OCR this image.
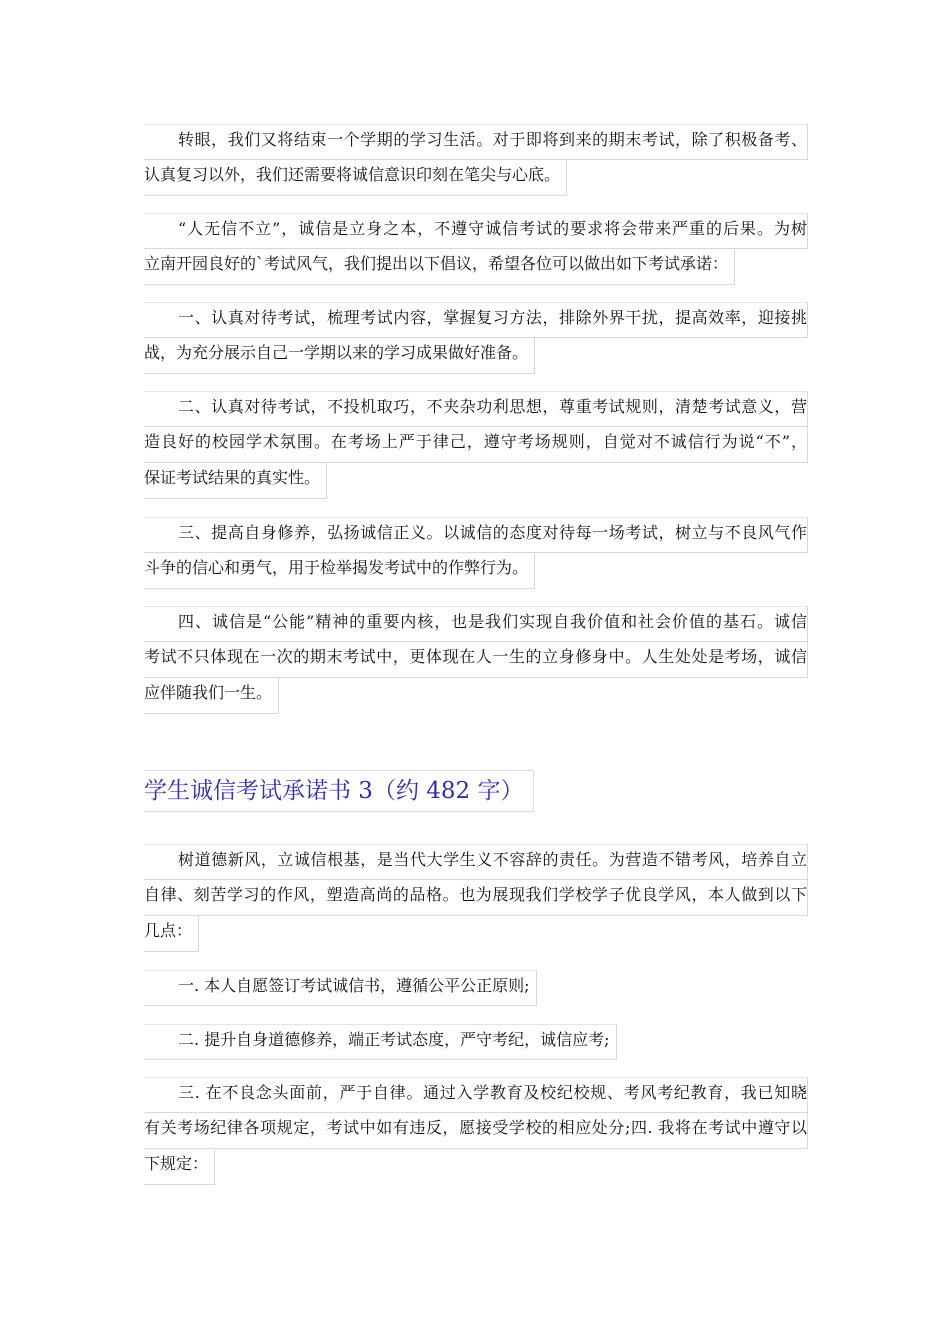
转眼，我们又将结束一个学期的学习生活。对于即将到来的期末考试，除了积极备考、
认真复习以外，我们还需要将诚信意识印刻在笔尖与心底。
“人无信不立”，诚信是立身之本，不遵守诚信考试的要求将会带来严重的后果。为树
立南开园良好的`考试风气，我们提出以下倡议，希望各位可以做出如下考试承诺：
一、认真对待考试，梳理考试内容，掌握复习方法，排除外界干扰，提高效率，迎接挑
战，为充分展示自己一学期以来的学习成果做好准备。
二、认真对待考试，不投机取巧，不夹杂功利思想，尊重考试规则，清楚考试意义，营
造良好的校园学术氛围。在考场上严于律己，遵守考场规则，自觉对不诚信行为说“不”，
保证考试结果的真实性。
三、提高自身修养，弘扬诚信正义。以诚信的态度对待每一场考试，树立与不良风气作
斗争的信心和勇气，用于检举揭发考试中的作弊行为。
四、诚信是“公能”精神的重要内核，也是我们实现自我价值和社会价值的基石。诚信
考试不只体现在一次的期末考试中，更体现在人一生的立身修身中。人生处处是考场，诚信
应伴随我们一生。
学生诚信考试承诺书 3（约 482 字）
树道德新风，立诚信根基，是当代大学生义不容辞的责任。为营造不错考风，培养自立
自律、刻苦学习的作风，塑造高尚的品格。也为展现我们学校学子优良学风，本人做到以下
几点：
一. 本人自愿签订考试诚信书，遵循公平公正原则;
二. 提升自身道德修养，端正考试态度，严守考纪，诚信应考;
三. 在不良念头面前，严于自律。通过入学教育及校纪校规、考风考纪教育，我已知晓
有关考场纪律各项规定，考试中如有违反，愿接受学校的相应处分;四. 我将在考试中遵守以
下规定：
